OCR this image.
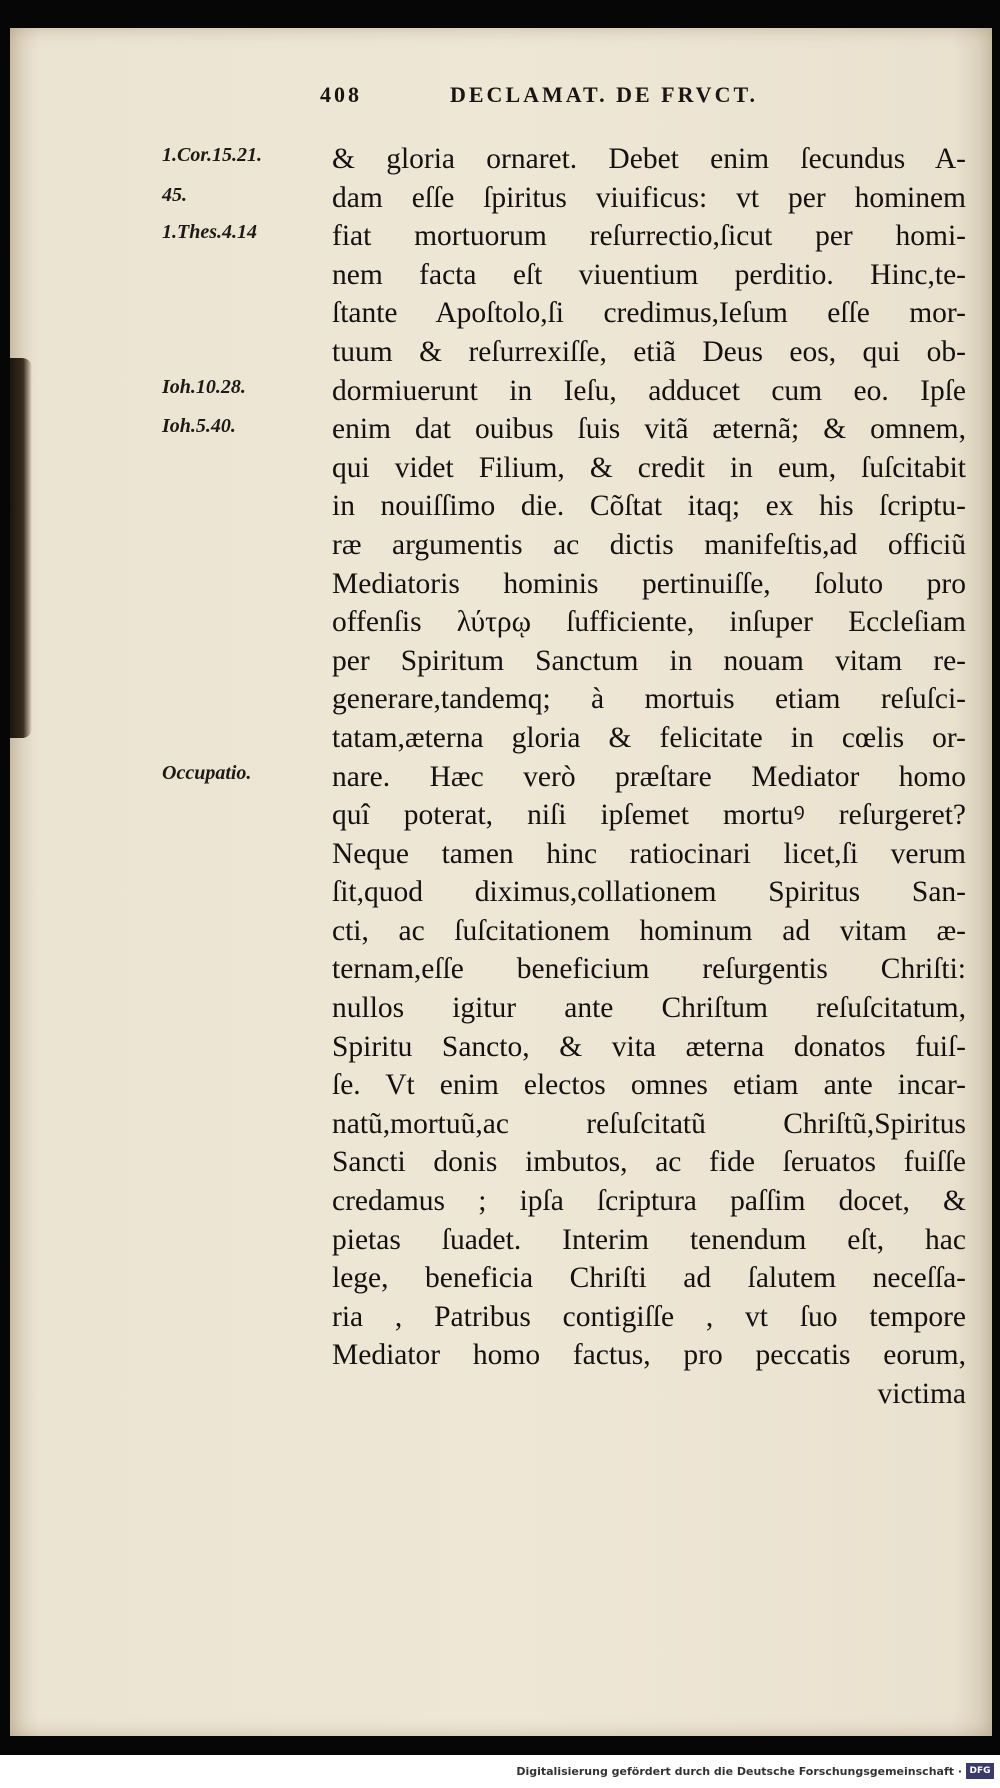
408	DECLAMAT. DE FRVCT.
1.Cor.15.21.
45.
1.Thes.4.14
Ioh.10.28.
Ioh.5.40.
Occupatio.
& gloria ornaret. Debet enim ſecundus A-
dam eſſe ſpiritus viuificus: vt per hominem
fiat mortuorum reſurrectio,ſicut per homi-
nem facta eſt viuentium perditio. Hinc,te-
ſtante Apoſtolo,ſi credimus,Ieſum eſſe mor-
tuum & reſurrexiſſe, etiã Deus eos, qui ob-
dormiuerunt in Ieſu, adducet cum eo. Ipſe
enim dat ouibus ſuis vitã æternã; & omnem,
qui videt Filium, & credit in eum, ſuſcitabit
in nouiſſimo die. Cõſtat itaq; ex his ſcriptu-
ræ argumentis ac dictis manifeſtis,ad officiũ
Mediatoris hominis pertinuiſſe, ſoluto pro
offenſis λύτρῳ ſufficiente, inſuper Eccleſiam
per Spiritum Sanctum in nouam vitam re-
generare,tandemq; à mortuis etiam reſuſci-
tatam,æterna gloria & felicitate in cœlis or-
nare. Hæc verò præſtare Mediator homo
quî poterat, niſi ipſemet mortuꝰ reſurgeret?
Neque tamen hinc ratiocinari licet,ſi verum
ſit,quod diximus,collationem Spiritus San-
cti, ac ſuſcitationem hominum ad vitam æ-
ternam,eſſe beneficium reſurgentis Chriſti:
nullos igitur ante Chriſtum reſuſcitatum,
Spiritu Sancto, & vita æterna donatos fuiſ-
ſe. Vt enim electos omnes etiam ante incar-
natũ,mortuũ,ac reſuſcitatũ Chriſtũ,Spiritus
Sancti donis imbutos, ac fide ſeruatos fuiſſe
credamus ; ipſa ſcriptura paſſim docet, &
pietas ſuadet. Interim tenendum eſt, hac
lege, beneficia Chriſti ad ſalutem neceſſa-
ria , Patribus contigiſſe , vt ſuo tempore
Mediator homo factus, pro peccatis eorum,
victima
Digitalisierung gefördert durch die Deutsche Forschungsgemeinschaft · DFG
